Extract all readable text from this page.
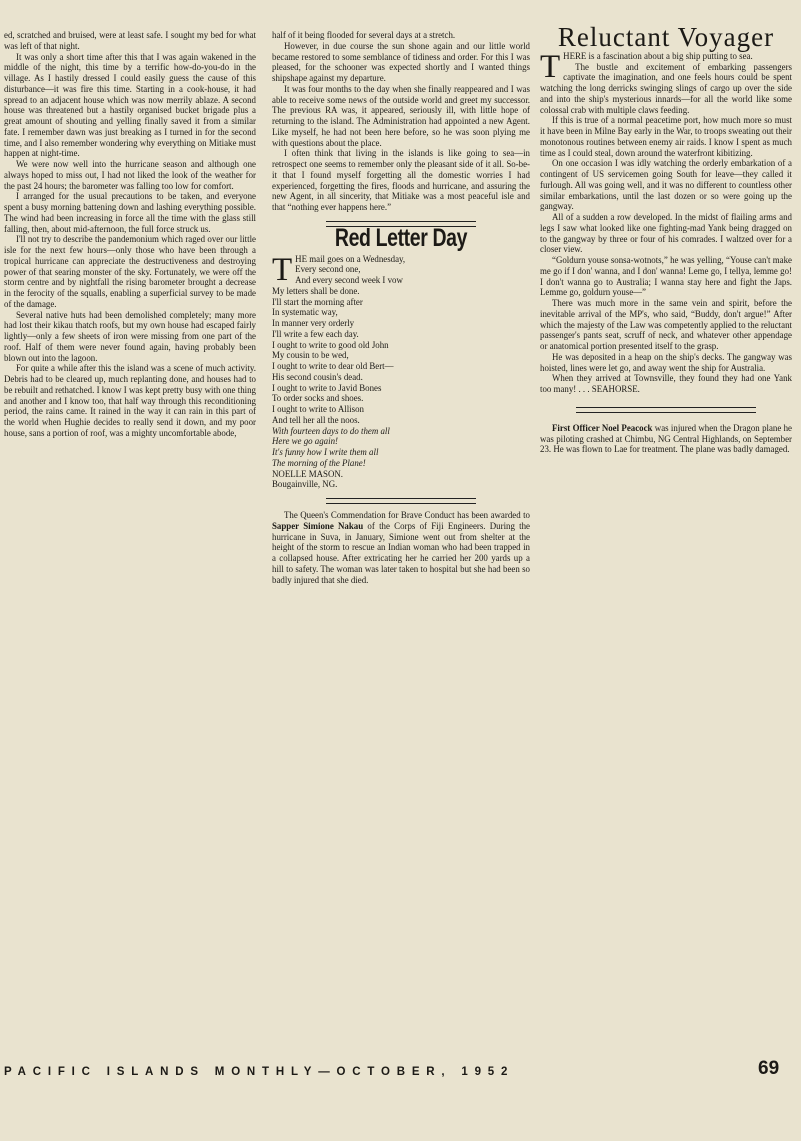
ed, scratched and bruised, were at least safe. I sought my bed for what was left of that night.

It was only a short time after this that I was again wakened in the middle of the night, this time by a terrific how-do-you-do in the village. As I hastily dressed I could easily guess the cause of this disturbance—it was fire this time. Starting in a cook-house, it had spread to an adjacent house which was now merrily ablaze. A second house was threatened but a hastily organised bucket brigade plus a great amount of shouting and yelling finally saved it from a similar fate. I remember dawn was just breaking as I turned in for the second time, and I also remember wondering why everything on Mitiake must happen at night-time.

We were now well into the hurricane season and although one always hoped to miss out, I had not liked the look of the weather for the past 24 hours; the barometer was falling too low for comfort.

I arranged for the usual precautions to be taken, and everyone spent a busy morning battening down and lashing everything possible. The wind had been increasing in force all the time with the glass still falling, then, about mid-afternoon, the full force struck us.

I'll not try to describe the pandemonium which raged over our little isle for the next few hours—only those who have been through a tropical hurricane can appreciate the destructiveness and destroying power of that searing monster of the sky. Fortunately, we were off the storm centre and by nightfall the rising barometer brought a decrease in the ferocity of the squalls, enabling a superficial survey to be made of the damage.

Several native huts had been demolished completely; many more had lost their kikau thatch roofs, but my own house had escaped fairly lightly—only a few sheets of iron were missing from one part of the roof. Half of them were never found again, having probably been blown out into the lagoon.

For quite a while after this the island was a scene of much activity. Debris had to be cleared up, much replanting done, and houses had to be rebuilt and rethatched. I know I was kept pretty busy with one thing and another and I know too, that half way through this reconditioning period, the rains came. It rained in the way it can rain in this part of the world when Hughie decides to really send it down, and my poor house, sans a portion of roof, was a mighty uncomfortable abode,

half of it being flooded for several days at a stretch.

However, in due course the sun shone again and our little world became restored to some semblance of tidiness and order. For this I was pleased, for the schooner was expected shortly and I wanted things shipshape against my departure.

It was four months to the day when she finally reappeared and I was able to receive some news of the outside world and greet my successor. The previous RA was, it appeared, seriously ill, with little hope of returning to the island. The Administration had appointed a new Agent. Like myself, he had not been here before, so he was soon plying me with questions about the place.

I often think that living in the islands is like going to sea—in retrospect one seems to remember only the pleasant side of it all. So-be-it that I found myself forgetting all the domestic worries I had experienced, forgetting the fires, floods and hurricane, and assuring the new Agent, in all sincerity, that Mitiake was a most peaceful isle and that “nothing ever happens here.”

Red Letter Day

THE mail goes on a Wednesday,

Every second one,

And every second week I vow

My letters shall be done.

I'll start the morning after

In systematic way,

In manner very orderly

I'll write a few each day.

I ought to write to good old John

My cousin to be wed,

I ought to write to dear old Bert—

His second cousin's dead.

I ought to write to Javid Bones

To order socks and shoes.

I ought to write to Allison

And tell her all the noos.

With fourteen days to do them all

Here we go again!

It's funny how I write them all

The morning of the Plane!

NOELLE MASON.

Bougainville, NG.

The Queen's Commendation for Brave Conduct has been awarded to Sapper Simione Nakau of the Corps of Fiji Engineers. During the hurricane in Suva, in January, Simione went out from shelter at the height of the storm to rescue an Indian woman who had been trapped in a collapsed house. After extricating her he carried her 200 yards up a hill to safety. The woman was later taken to hospital but she had been so badly injured that she died.

Reluctant Voyager

THERE is a fascination about a big ship putting to sea.

The bustle and excitement of embarking passengers captivate the imagination, and one feels hours could be spent watching the long derricks swinging slings of cargo up over the side and into the ship's mysterious innards—for all the world like some colossal crab with multiple claws feeding.

If this is true of a normal peacetime port, how much more so must it have been in Milne Bay early in the War, to troops sweating out their monotonous routines between enemy air raids. I know I spent as much time as I could steal, down around the waterfront kibitizing.

On one occasion I was idly watching the orderly embarkation of a contingent of US servicemen going South for leave—they called it furlough. All was going well, and it was no different to countless other similar embarkations, until the last dozen or so were going up the gangway.

All of a sudden a row developed. In the midst of flailing arms and legs I saw what looked like one fighting-mad Yank being dragged on to the gangway by three or four of his comrades. I waltzed over for a closer view.

“Goldurn youse sonsa-wotnots,” he was yelling, “Youse can't make me go if I don' wanna, and I don' wanna! Leme go, I tellya, lemme go! I don't wanna go to Australia; I wanna stay here and fight the Japs. Lemme go, goldurn youse—”

There was much more in the same vein and spirit, before the inevitable arrival of the MP's, who said, “Buddy, don't argue!” After which the majesty of the Law was competently applied to the reluctant passenger's pants seat, scruff of neck, and whatever other appendage or anatomical portion presented itself to the grasp.

He was deposited in a heap on the ship's decks. The gangway was hoisted, lines were let go, and away went the ship for Australia.

When they arrived at Townsville, they found they had one Yank too many! . . . SEAHORSE.

First Officer Noel Peacock was injured when the Dragon plane he was piloting crashed at Chimbu, NG Central Highlands, on September 23. He was flown to Lae for treatment. The plane was badly damaged.

PACIFIC ISLANDS MONTHLY—OCTOBER, 1952	69
